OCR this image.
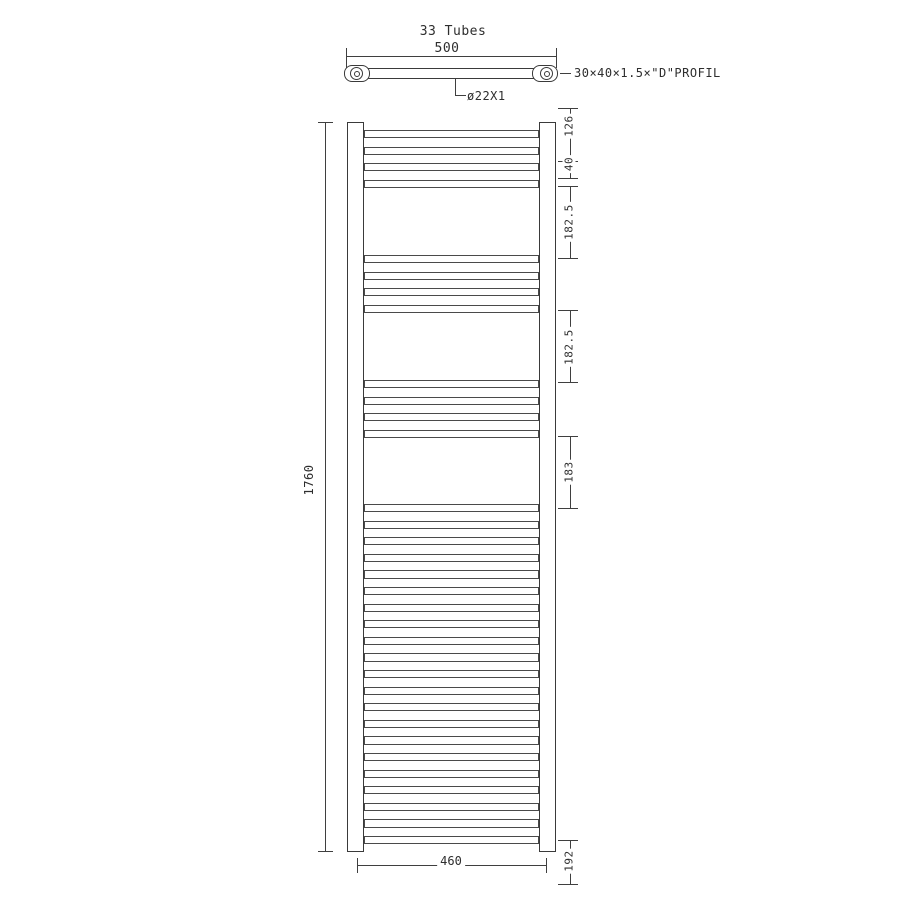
33 Tubes
500
30×40×1.5×"D"PROFIL
ø22X1
1760
460
126
40
182.5
182.5
183
192
